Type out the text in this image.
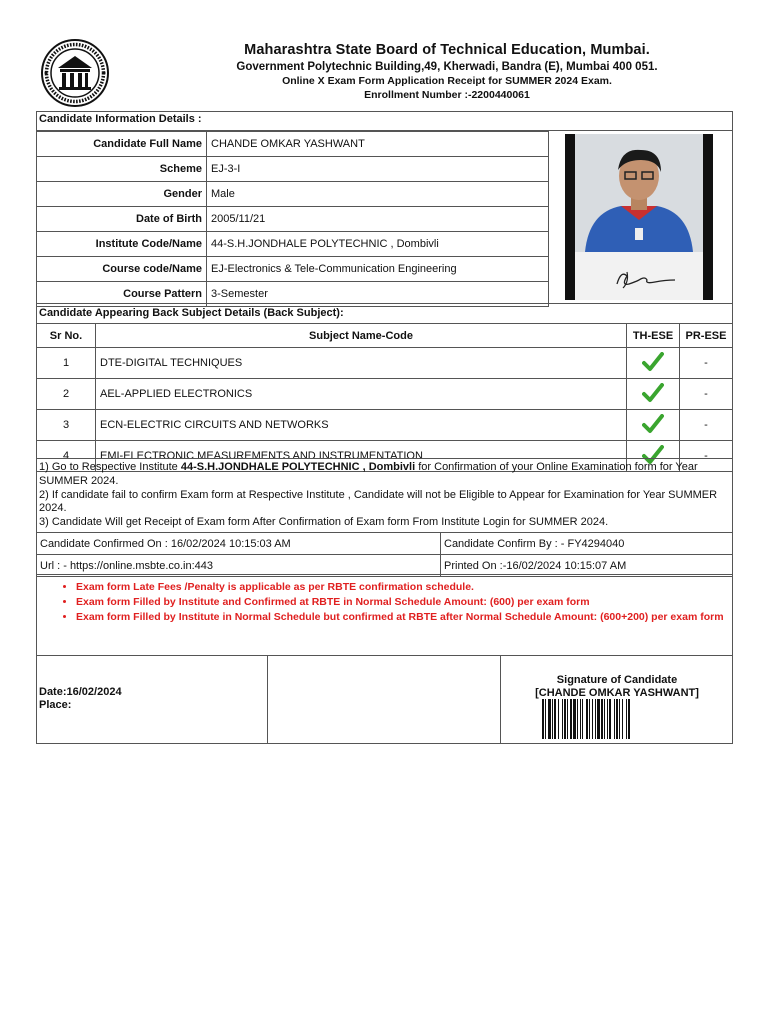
Maharashtra State Board of Technical Education, Mumbai.
Government Polytechnic Building,49, Kherwadi, Bandra (E), Mumbai 400 051.
Online X Exam Form Application Receipt for SUMMER 2024 Exam.
Enrollment Number :-2200440061
Candidate Information Details :
Candidate Full Name	CHANDE OMKAR YASHWANT
Scheme	EJ-3-I
Gender	Male
Date of Birth	2005/11/21
Institute Code/Name	44-S.H.JONDHALE POLYTECHNIC , Dombivli
Course code/Name	EJ-Electronics & Tele-Communication Engineering
Course Pattern	3-Semester
Candidate Appearing Back Subject Details (Back Subject):
Sr No.	Subject Name-Code	TH-ESE	PR-ESE
1	DTE-DIGITAL TECHNIQUES		-
2	AEL-APPLIED ELECTRONICS		-
3	ECN-ELECTRIC CIRCUITS AND NETWORKS		-
4	EMI-ELECTRONIC MEASUREMENTS AND INSTRUMENTATION		-
1) Go to Respective Institute 44-S.H.JONDHALE POLYTECHNIC , Dombivli for Confirmation of your Online Examination form for Year SUMMER 2024.
2) If candidate fail to confirm Exam form at Respective Institute , Candidate will not be Eligible to Appear for Examination for Year SUMMER 2024.
3) Candidate Will get Receipt of Exam form After Confirmation of Exam form From Institute Login for SUMMER 2024.
Candidate Confirmed On : 16/02/2024 10:15:03 AM	Candidate Confirm By : - FY4294040
Url : - https://online.msbte.co.in:443	Printed On :-16/02/2024 10:15:07 AM
• Exam form Late Fees /Penalty is applicable as per RBTE confirmation schedule.
• Exam form Filled by Institute and Confirmed at RBTE in Normal Schedule Amount: (600) per exam form
• Exam form Filled by Institute in Normal Schedule but confirmed at RBTE after Normal Schedule Amount: (600+200) per exam form
Date:16/02/2024
Place:
Signature of Candidate
[CHANDE OMKAR YASHWANT]
